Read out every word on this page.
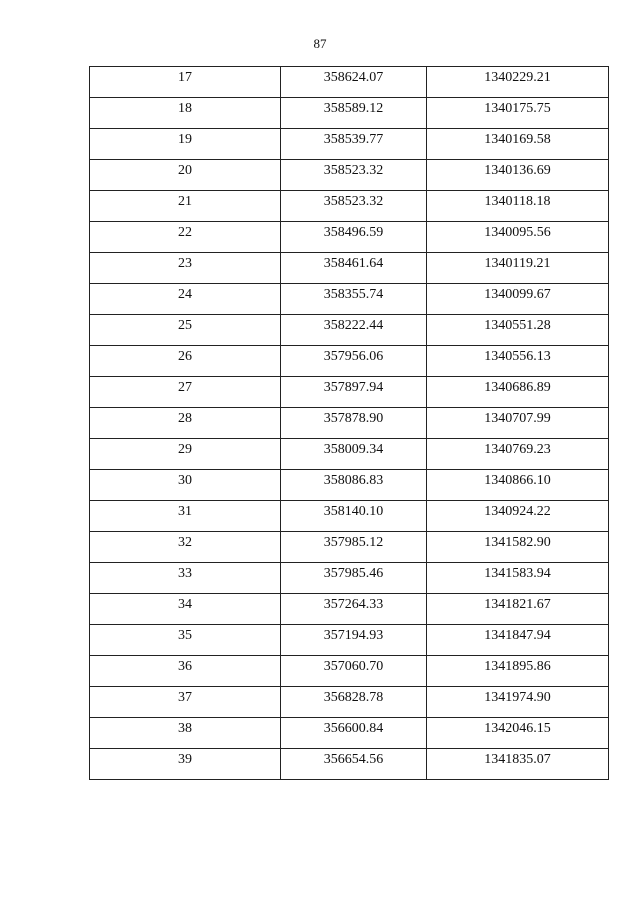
87
17	358624.07	1340229.21
18	358589.12	1340175.75
19	358539.77	1340169.58
20	358523.32	1340136.69
21	358523.32	1340118.18
22	358496.59	1340095.56
23	358461.64	1340119.21
24	358355.74	1340099.67
25	358222.44	1340551.28
26	357956.06	1340556.13
27	357897.94	1340686.89
28	357878.90	1340707.99
29	358009.34	1340769.23
30	358086.83	1340866.10
31	358140.10	1340924.22
32	357985.12	1341582.90
33	357985.46	1341583.94
34	357264.33	1341821.67
35	357194.93	1341847.94
36	357060.70	1341895.86
37	356828.78	1341974.90
38	356600.84	1342046.15
39	356654.56	1341835.07
